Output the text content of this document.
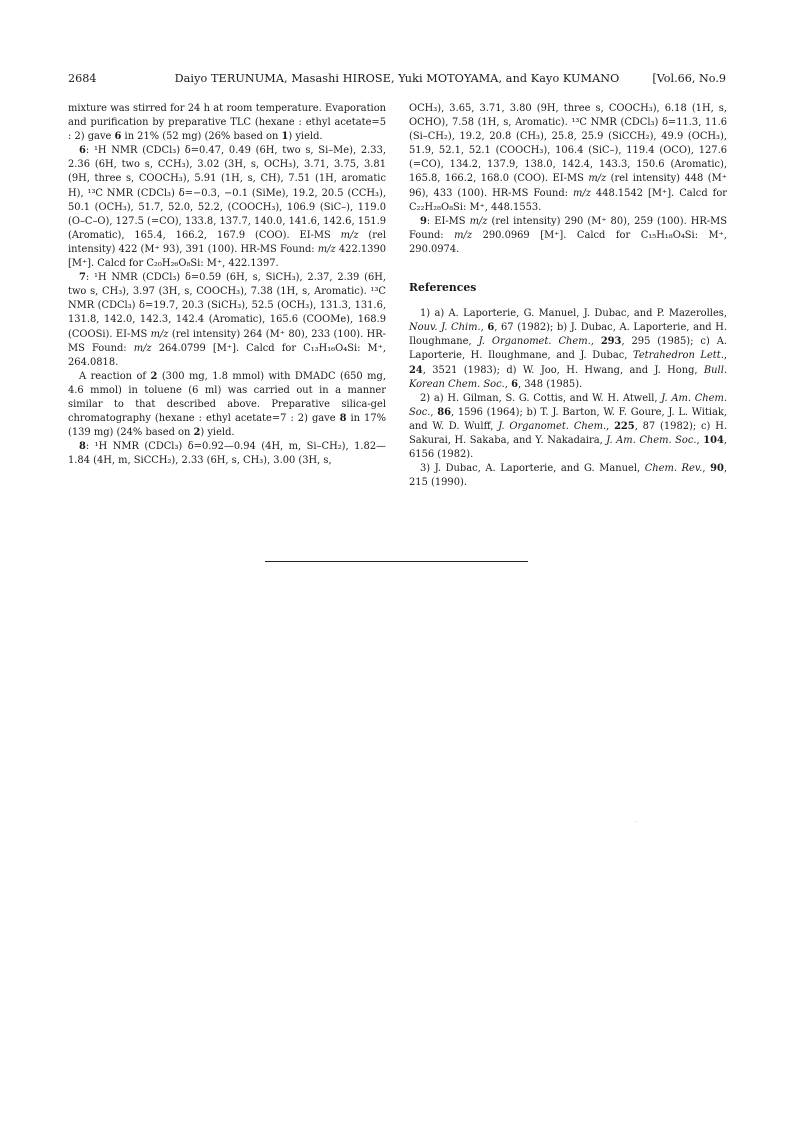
2684	Daiyo TERUNUMA, Masashi HIROSE, Yuki MOTOYAMA, and Kayo KUMANO	[Vol.66, No.9

mixture was stirred for 24 h at room temperature. Evaporation and purification by preparative TLC (hexane : ethyl acetate=5 : 2) gave 6 in 21% (52 mg) (26% based on 1) yield.

6: ¹H NMR (CDCl₃) δ=0.47, 0.49 (6H, two s, Si–Me), 2.33, 2.36 (6H, two s, CCH₃), 3.02 (3H, s, OCH₃), 3.71, 3.75, 3.81 (9H, three s, COOCH₃), 5.91 (1H, s, CH), 7.51 (1H, aromatic H), ¹³C NMR (CDCl₃) δ=−0.3, −0.1 (SiMe), 19.2, 20.5 (CCH₃), 50.1 (OCH₃), 51.7, 52.0, 52.2, (COOCH₃), 106.9 (SiC–), 119.0 (O–C–O), 127.5 (=CO), 133.8, 137.7, 140.0, 141.6, 142.6, 151.9 (Aromatic), 165.4, 166.2, 167.9 (COO). EI-MS m/z (rel intensity) 422 (M⁺ 93), 391 (100). HR-MS Found: m/z 422.1390 [M⁺]. Calcd for C₂₀H₂₆O₈Si: M⁺, 422.1397.

7: ¹H NMR (CDCl₃) δ=0.59 (6H, s, SiCH₃), 2.37, 2.39 (6H, two s, CH₃), 3.97 (3H, s, COOCH₃), 7.38 (1H, s, Aromatic). ¹³C NMR (CDCl₃) δ=19.7, 20.3 (SiCH₃), 52.5 (OCH₃), 131.3, 131.6, 131.8, 142.0, 142.3, 142.4 (Aromatic), 165.6 (COOMe), 168.9 (COOSi). EI-MS m/z (rel intensity) 264 (M⁺ 80), 233 (100). HR-MS Found: m/z 264.0799 [M⁺]. Calcd for C₁₃H₁₆O₄Si: M⁺, 264.0818.

A reaction of 2 (300 mg, 1.8 mmol) with DMADC (650 mg, 4.6 mmol) in toluene (6 ml) was carried out in a manner similar to that described above. Preparative silica-gel chromatography (hexane : ethyl acetate=7 : 2) gave 8 in 17% (139 mg) (24% based on 2) yield.

8: ¹H NMR (CDCl₃) δ=0.92—0.94 (4H, m, Si–CH₂), 1.82—1.84 (4H, m, SiCCH₂), 2.33 (6H, s, CH₃), 3.00 (3H, s,

OCH₃), 3.65, 3.71, 3.80 (9H, three s, COOCH₃), 6.18 (1H, s, OCHO), 7.58 (1H, s, Aromatic). ¹³C NMR (CDCl₃) δ=11.3, 11.6 (Si–CH₂), 19.2, 20.8 (CH₃), 25.8, 25.9 (SiCCH₂), 49.9 (OCH₃), 51.9, 52.1, 52.1 (COOCH₃), 106.4 (SiC–), 119.4 (OCO), 127.6 (=CO), 134.2, 137.9, 138.0, 142.4, 143.3, 150.6 (Aromatic), 165.8, 166.2, 168.0 (COO). EI-MS m/z (rel intensity) 448 (M⁺ 96), 433 (100). HR-MS Found: m/z 448.1542 [M⁺]. Calcd for C₂₂H₂₈O₈Si: M⁺, 448.1553.

9: EI-MS m/z (rel intensity) 290 (M⁺ 80), 259 (100). HR-MS Found: m/z 290.0969 [M⁺]. Calcd for C₁₅H₁₈O₄Si: M⁺, 290.0974.

References

1) a) A. Laporterie, G. Manuel, J. Dubac, and P. Mazerolles, Nouv. J. Chim., 6, 67 (1982); b) J. Dubac, A. Laporterie, and H. Iloughmane, J. Organomet. Chem., 293, 295 (1985); c) A. Laporterie, H. Iloughmane, and J. Dubac, Tetrahedron Lett., 24, 3521 (1983); d) W. Joo, H. Hwang, and J. Hong, Bull. Korean Chem. Soc., 6, 348 (1985).

2) a) H. Gilman, S. G. Cottis, and W. H. Atwell, J. Am. Chem. Soc., 86, 1596 (1964); b) T. J. Barton, W. F. Goure, J. L. Witiak, and W. D. Wulff, J. Organomet. Chem., 225, 87 (1982); c) H. Sakurai, H. Sakaba, and Y. Nakadaira, J. Am. Chem. Soc., 104, 6156 (1982).

3) J. Dubac, A. Laporterie, and G. Manuel, Chem. Rev., 90, 215 (1990).
